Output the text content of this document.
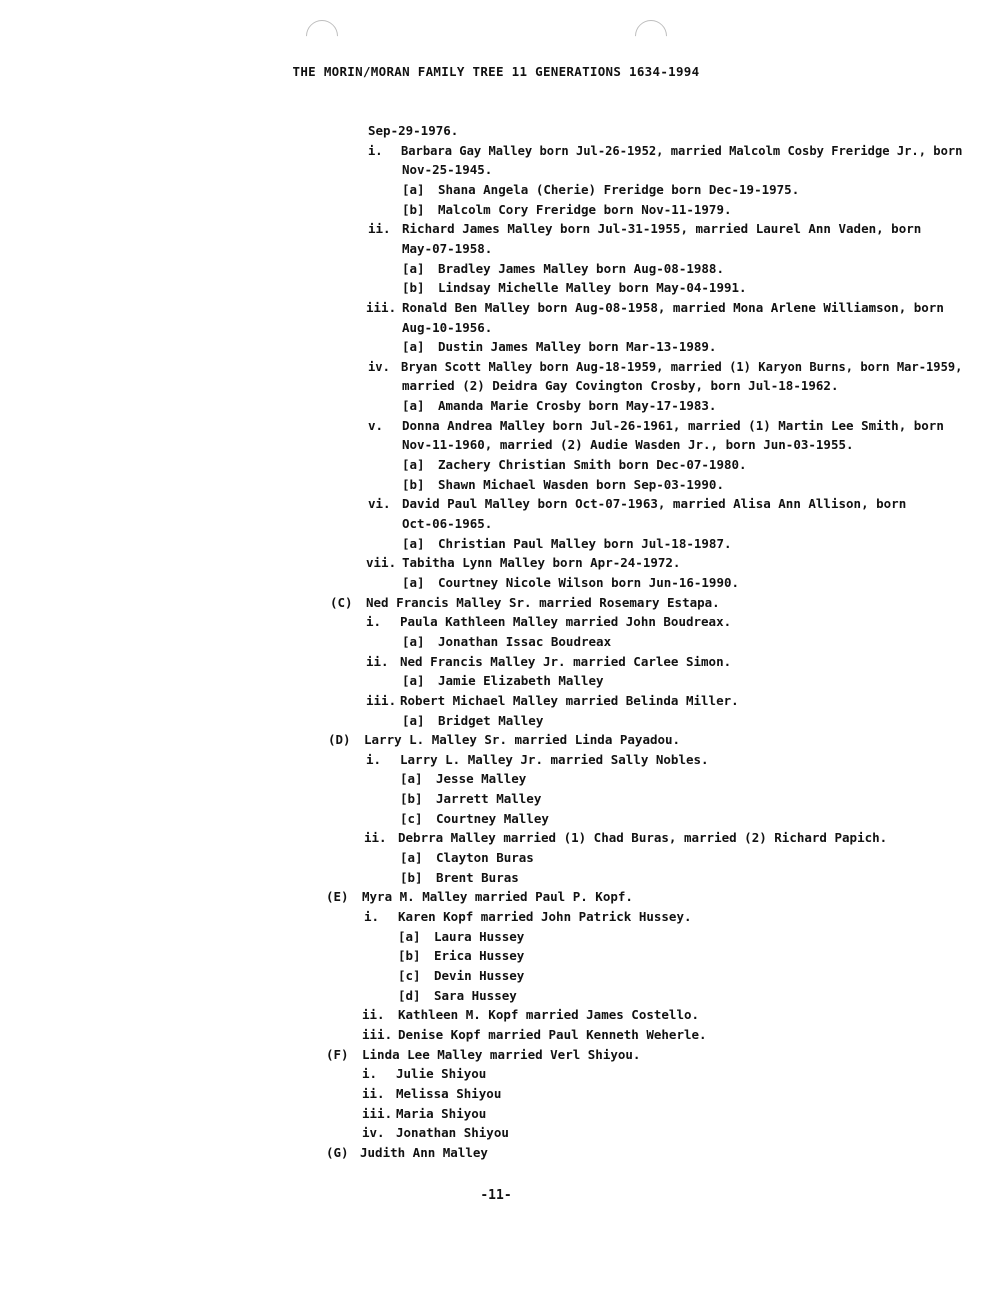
THE MORIN/MORAN FAMILY TREE 11 GENERATIONS 1634-1994
Sep-29-1976.
i. Barbara Gay Malley born Jul-26-1952, married Malcolm Cosby Freridge Jr., born
Nov-25-1945.
[a] Shana Angela (Cherie) Freridge born Dec-19-1975.
[b] Malcolm Cory Freridge born Nov-11-1979.
ii. Richard James Malley born Jul-31-1955, married Laurel Ann Vaden, born
May-07-1958.
[a] Bradley James Malley born Aug-08-1988.
[b] Lindsay Michelle Malley born May-04-1991.
iii. Ronald Ben Malley born Aug-08-1958, married Mona Arlene Williamson, born
Aug-10-1956.
[a] Dustin James Malley born Mar-13-1989.
iv. Bryan Scott Malley born Aug-18-1959, married (1) Karyon Burns, born Mar-1959,
married (2) Deidra Gay Covington Crosby, born Jul-18-1962.
[a] Amanda Marie Crosby born May-17-1983.
v. Donna Andrea Malley born Jul-26-1961, married (1) Martin Lee Smith, born
Nov-11-1960, married (2) Audie Wasden Jr., born Jun-03-1955.
[a] Zachery Christian Smith born Dec-07-1980.
[b] Shawn Michael Wasden born Sep-03-1990.
vi. David Paul Malley born Oct-07-1963, married Alisa Ann Allison, born
Oct-06-1965.
[a] Christian Paul Malley born Jul-18-1987.
vii. Tabitha Lynn Malley born Apr-24-1972.
[a] Courtney Nicole Wilson born Jun-16-1990.
(C) Ned Francis Malley Sr. married Rosemary Estapa.
i. Paula Kathleen Malley married John Boudreax.
[a] Jonathan Issac Boudreax
ii. Ned Francis Malley Jr. married Carlee Simon.
[a] Jamie Elizabeth Malley
iii. Robert Michael Malley married Belinda Miller.
[a] Bridget Malley
(D) Larry L. Malley Sr. married Linda Payadou.
i. Larry L. Malley Jr. married Sally Nobles.
[a] Jesse Malley
[b] Jarrett Malley
[c] Courtney Malley
ii. Debrra Malley married (1) Chad Buras, married (2) Richard Papich.
[a] Clayton Buras
[b] Brent Buras
(E) Myra M. Malley married Paul P. Kopf.
i. Karen Kopf married John Patrick Hussey.
[a] Laura Hussey
[b] Erica Hussey
[c] Devin Hussey
[d] Sara Hussey
ii. Kathleen M. Kopf married James Costello.
iii. Denise Kopf married Paul Kenneth Weherle.
(F) Linda Lee Malley married Verl Shiyou.
i. Julie Shiyou
ii. Melissa Shiyou
iii. Maria Shiyou
iv. Jonathan Shiyou
(G) Judith Ann Malley
-11-
